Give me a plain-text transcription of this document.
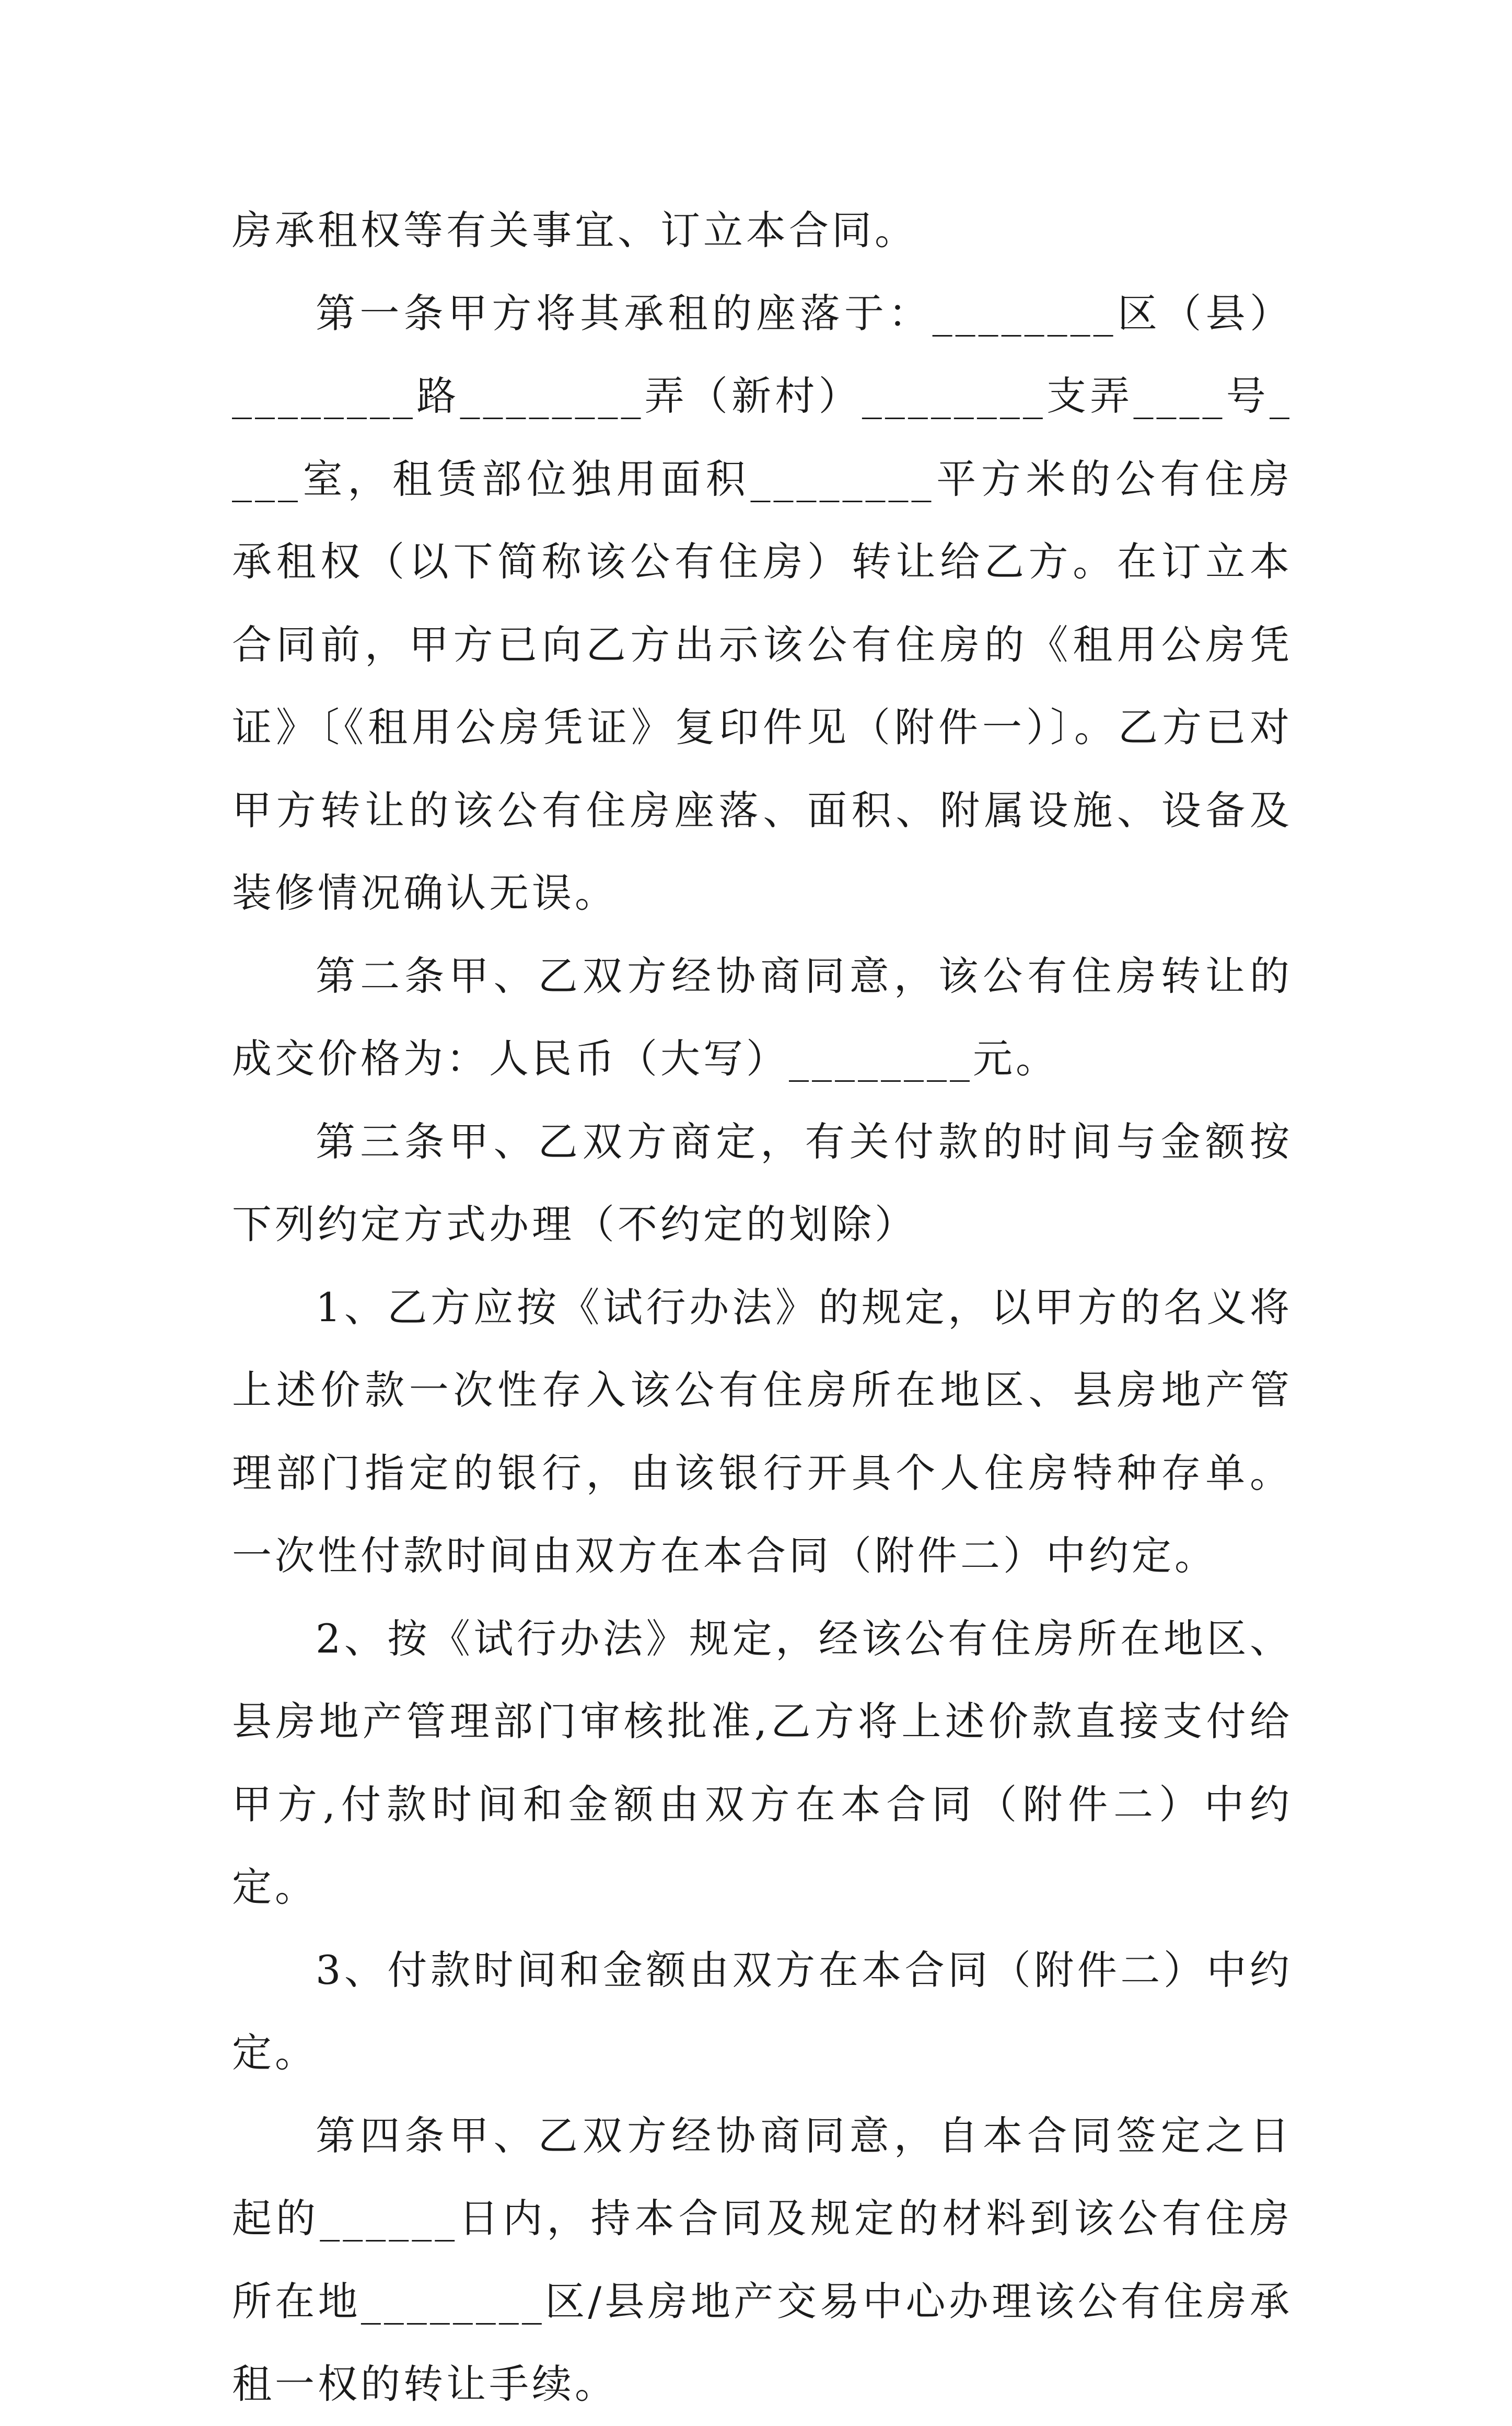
房承租权等有关事宜、订立本合同。

第一条甲方将其承租的座落于：________区（县）________路________弄（新村）________支弄____号____室，租赁部位独用面积________平方米的公有住房承租权（以下简称该公有住房）转让给乙方。在订立本合同前，甲方已向乙方出示该公有住房的《租用公房凭证》〔《租用公房凭证》复印件见（附件一）〕。乙方已对甲方转让的该公有住房座落、面积、附属设施、设备及装修情况确认无误。

第二条甲、乙双方经协商同意，该公有住房转让的成交价格为：人民币（大写）________元。

第三条甲、乙双方商定，有关付款的时间与金额按下列约定方式办理（不约定的划除）

1、乙方应按《试行办法》的规定，以甲方的名义将上述价款一次性存入该公有住房所在地区、县房地产管理部门指定的银行，由该银行开具个人住房特种存单。一次性付款时间由双方在本合同（附件二）中约定。

2、按《试行办法》规定，经该公有住房所在地区、县房地产管理部门审核批准,乙方将上述价款直接支付给甲方,付款时间和金额由双方在本合同（附件二）中约定。

3、付款时间和金额由双方在本合同（附件二）中约定。

第四条甲、乙双方经协商同意，自本合同签定之日起的______日内，持本合同及规定的材料到该公有住房所在地________区/县房地产交易中心办理该公有住房承租一权的转让手续。
